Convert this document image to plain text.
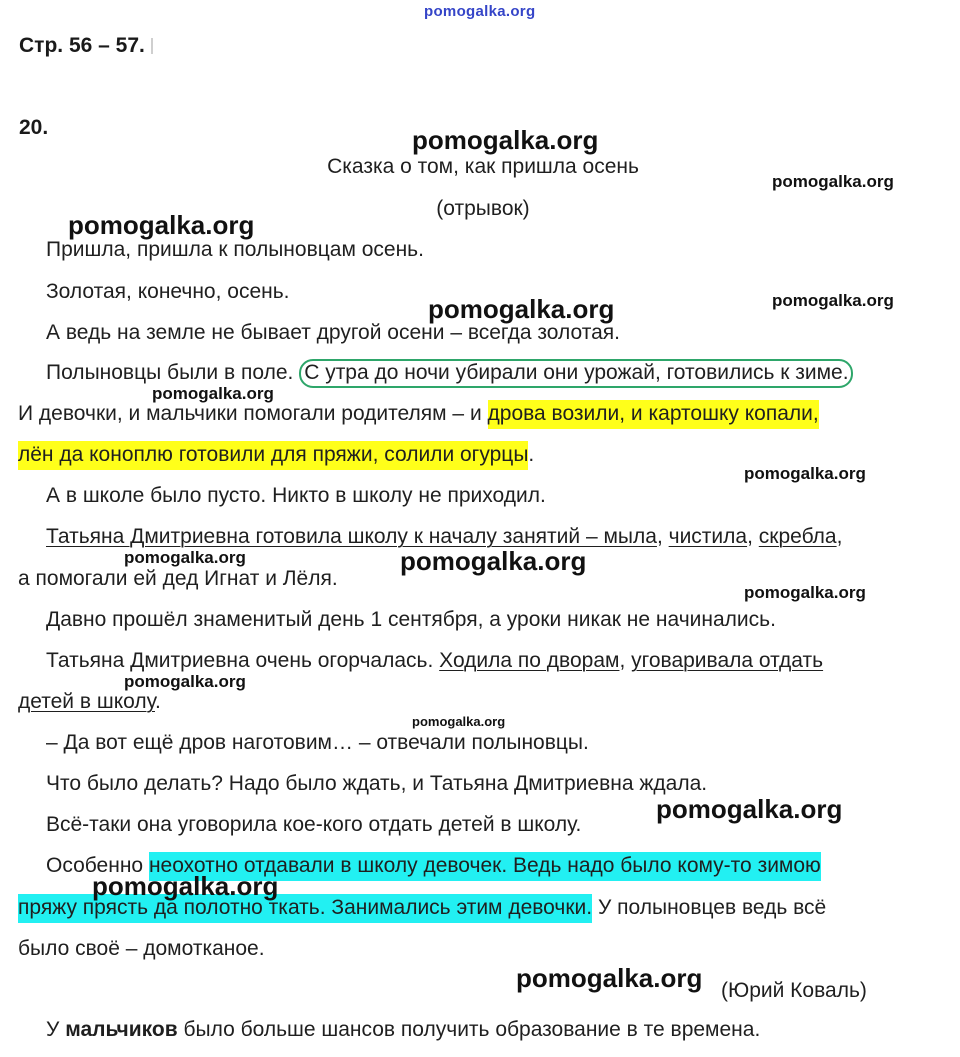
pomogalka.org
Стр. 56 – 57.
20.
Сказка о том, как пришла осень
(отрывок)
Пришла, пришла к полыновцам осень.
Золотая, конечно, осень.
А ведь на земле не бывает другой осени – всегда золотая.
Полыновцы были в поле. С утра до ночи убирали они урожай, готовились к зиме.
И девочки, и мальчики помогали родителям – и дрова возили, и картошку копали,
лён да коноплю готовили для пряжи, солили огурцы.
А в школе было пусто. Никто в школу не приходил.
Татьяна Дмитриевна готовила школу к началу занятий – мыла, чистила, скребла,
а помогали ей дед Игнат и Лёля.
Давно прошёл знаменитый день 1 сентября, а уроки никак не начинались.
Татьяна Дмитриевна очень огорчалась. Ходила по дворам, уговаривала отдать
детей в школу.
– Да вот ещё дров наготовим… – отвечали полыновцы.
Что было делать? Надо было ждать, и Татьяна Дмитриевна ждала.
Всё-таки она уговорила кое-кого отдать детей в школу.
Особенно неохотно отдавали в школу девочек. Ведь надо было кому-то зимою
пряжу прясть да полотно ткать. Занимались этим девочки. У полыновцев ведь всё
было своё – домотканое.
(Юрий Коваль)
У мальчиков было больше шансов получить образование в те времена.
pomogalka.org
pomogalka.org
pomogalka.org
pomogalka.org	pomogalka.org
pomogalka.org
pomogalka.org
pomogalka.org	pomogalka.org
pomogalka.org
pomogalka.org
pomogalka.org
pomogalka.org
pomogalka.org
pomogalka.org
